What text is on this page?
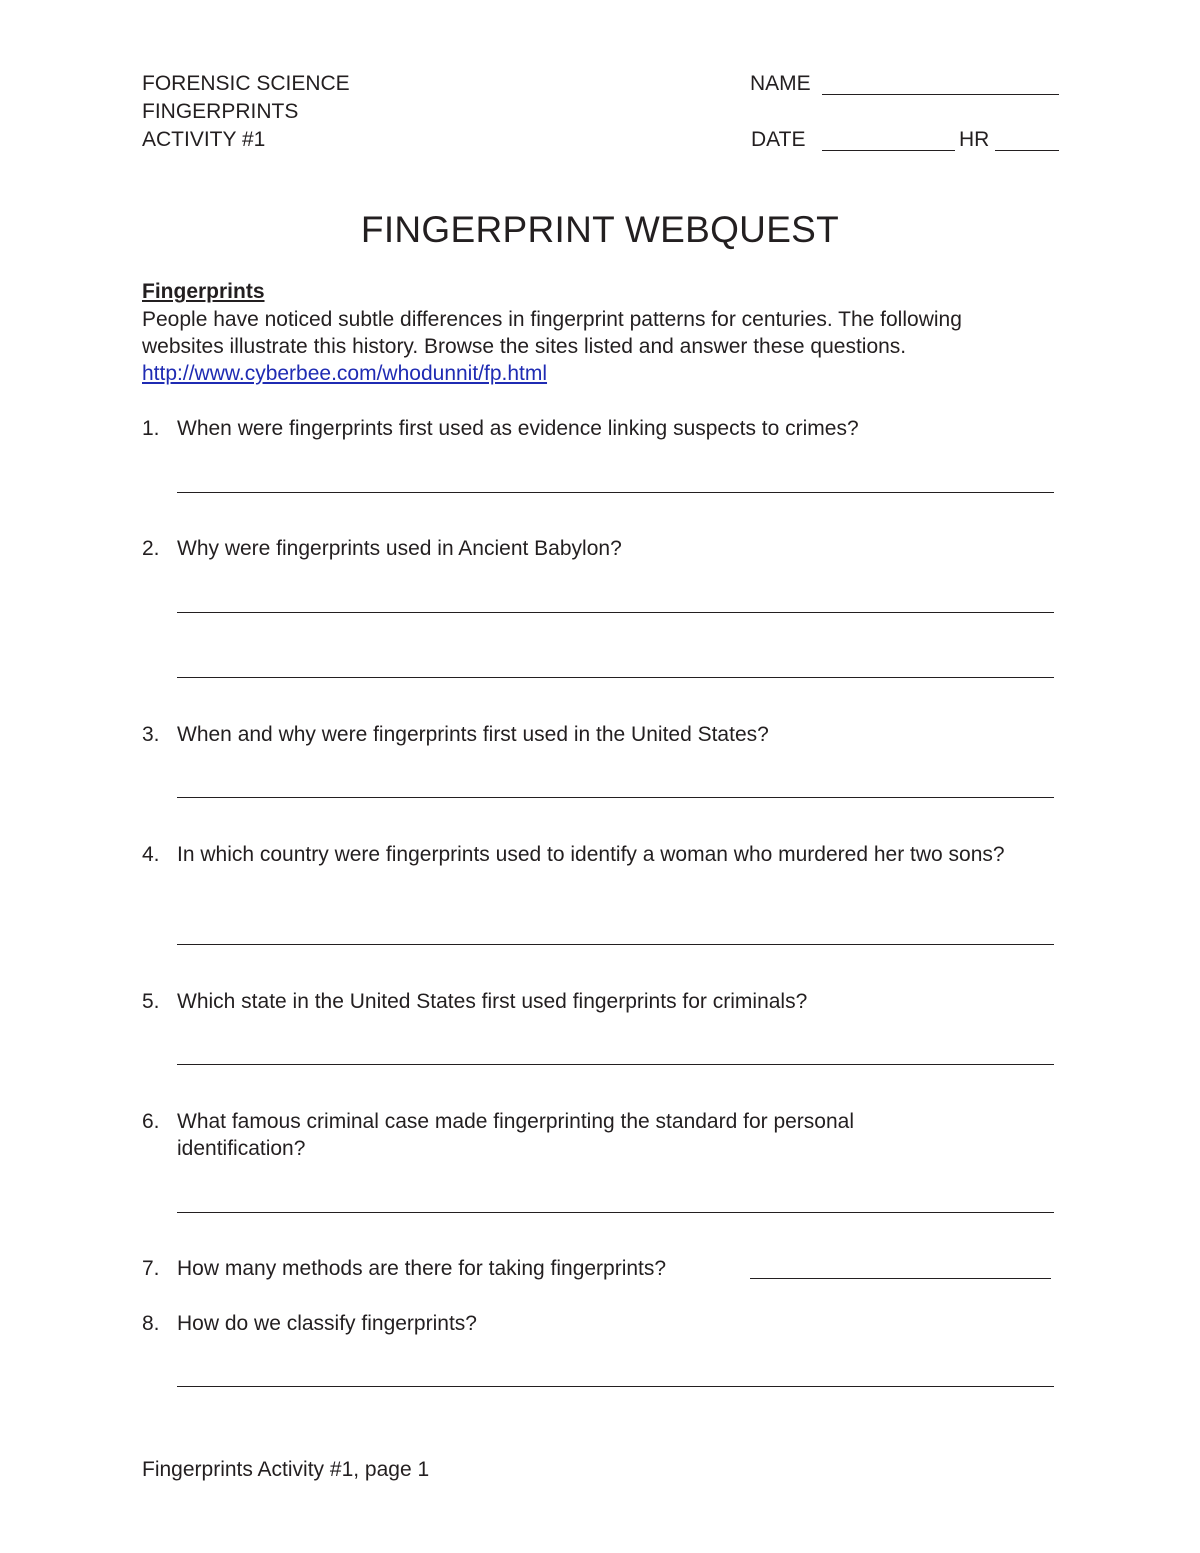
FORENSIC SCIENCE
FINGERPRINTS
ACTIVITY #1
NAME
DATE	HR
FINGERPRINT WEBQUEST
Fingerprints
People have noticed subtle differences in fingerprint patterns for centuries. The following websites illustrate this history. Browse the sites listed and answer these questions.  http://www.cyberbee.com/whodunnit/fp.html
1. When were fingerprints first used as evidence linking suspects to crimes?
2. Why were fingerprints used in Ancient Babylon?
3. When and why were fingerprints first used in the United States?
4. In which country were fingerprints used to identify a woman who murdered her two sons?
5. Which state in the United States first used fingerprints for criminals?
6. What famous criminal case made fingerprinting the standard for personal identification?
7. How many methods are there for taking fingerprints?
8. How do we classify fingerprints?
Fingerprints Activity #1, page 1
